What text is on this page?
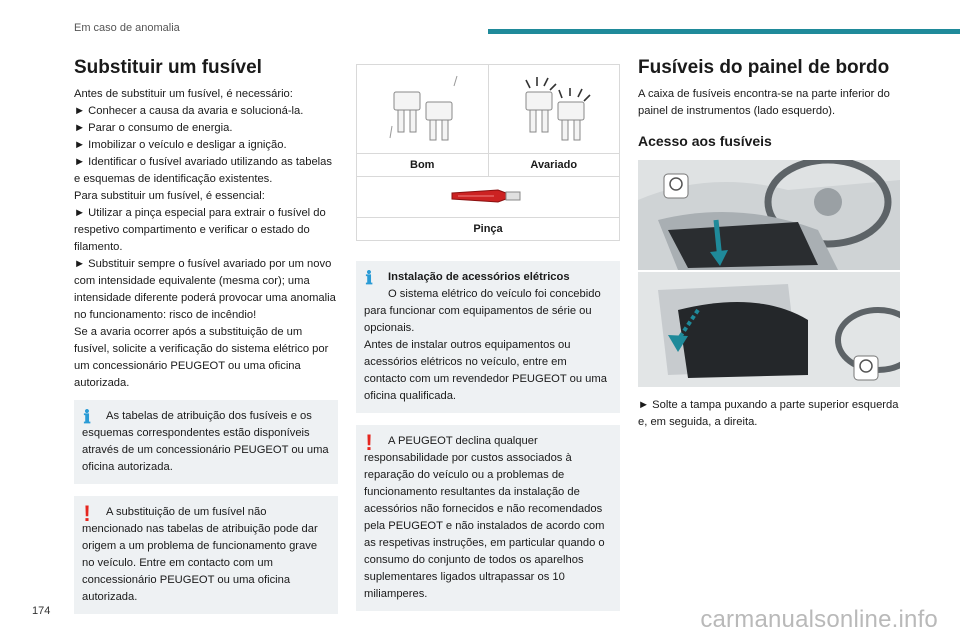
Em caso de anomalia
Substituir um fusível

Antes de substituir um fusível, é necessário:

► Conhecer a causa da avaria e solucioná-la.

► Parar o consumo de energia.

► Imobilizar o veículo e desligar a ignição.

► Identificar o fusível avariado utilizando as tabelas e esquemas de identificação existentes.

Para substituir um fusível, é essencial:

► Utilizar a pinça especial para extrair o fusível do respetivo compartimento e verificar o estado do filamento.

► Substituir sempre o fusível avariado por um novo com intensidade equivalente (mesma cor); uma intensidade diferente poderá provocar uma anomalia no funcionamento: risco de incêndio!

Se a avaria ocorrer após a substituição de um fusível, solicite a verificação do sistema elétrico por um concessionário PEUGEOT ou uma oficina autorizada.

ℹ	As tabelas de atribuição dos fusíveis e os esquemas correspondentes estão disponíveis através de um concessionário PEUGEOT ou uma oficina autorizada.
!	A substituição de um fusível não mencionado nas tabelas de atribuição pode dar origem a um problema de funcionamento grave no veículo. Entre em contacto com um concessionário PEUGEOT ou uma oficina autorizada.

Bom	Avariado

Pinça	
ℹ	Instalação de acessórios elétricos
O sistema elétrico do veículo foi concebido para funcionar com equipamentos de série ou opcionais.
Antes de instalar outros equipamentos ou acessórios elétricos no veículo, entre em contacto com um revendedor PEUGEOT ou uma oficina qualificada.
!	A PEUGEOT declina qualquer responsabilidade por custos associados à reparação do veículo ou a problemas de funcionamento resultantes da instalação de acessórios não fornecidos e não recomendados pela PEUGEOT e não instalados de acordo com as respetivas instruções, em particular quando o consumo do conjunto de todos os aparelhos suplementares ligados ultrapassar os 10 miliamperes.
Fusíveis do painel de bordo

A caixa de fusíveis encontra-se na parte inferior do painel de instrumentos (lado esquerdo).

Acesso aos fusíveis

► Solte a tampa puxando a parte superior esquerda e, em seguida, a direita.

174	carmanualsonline.info
